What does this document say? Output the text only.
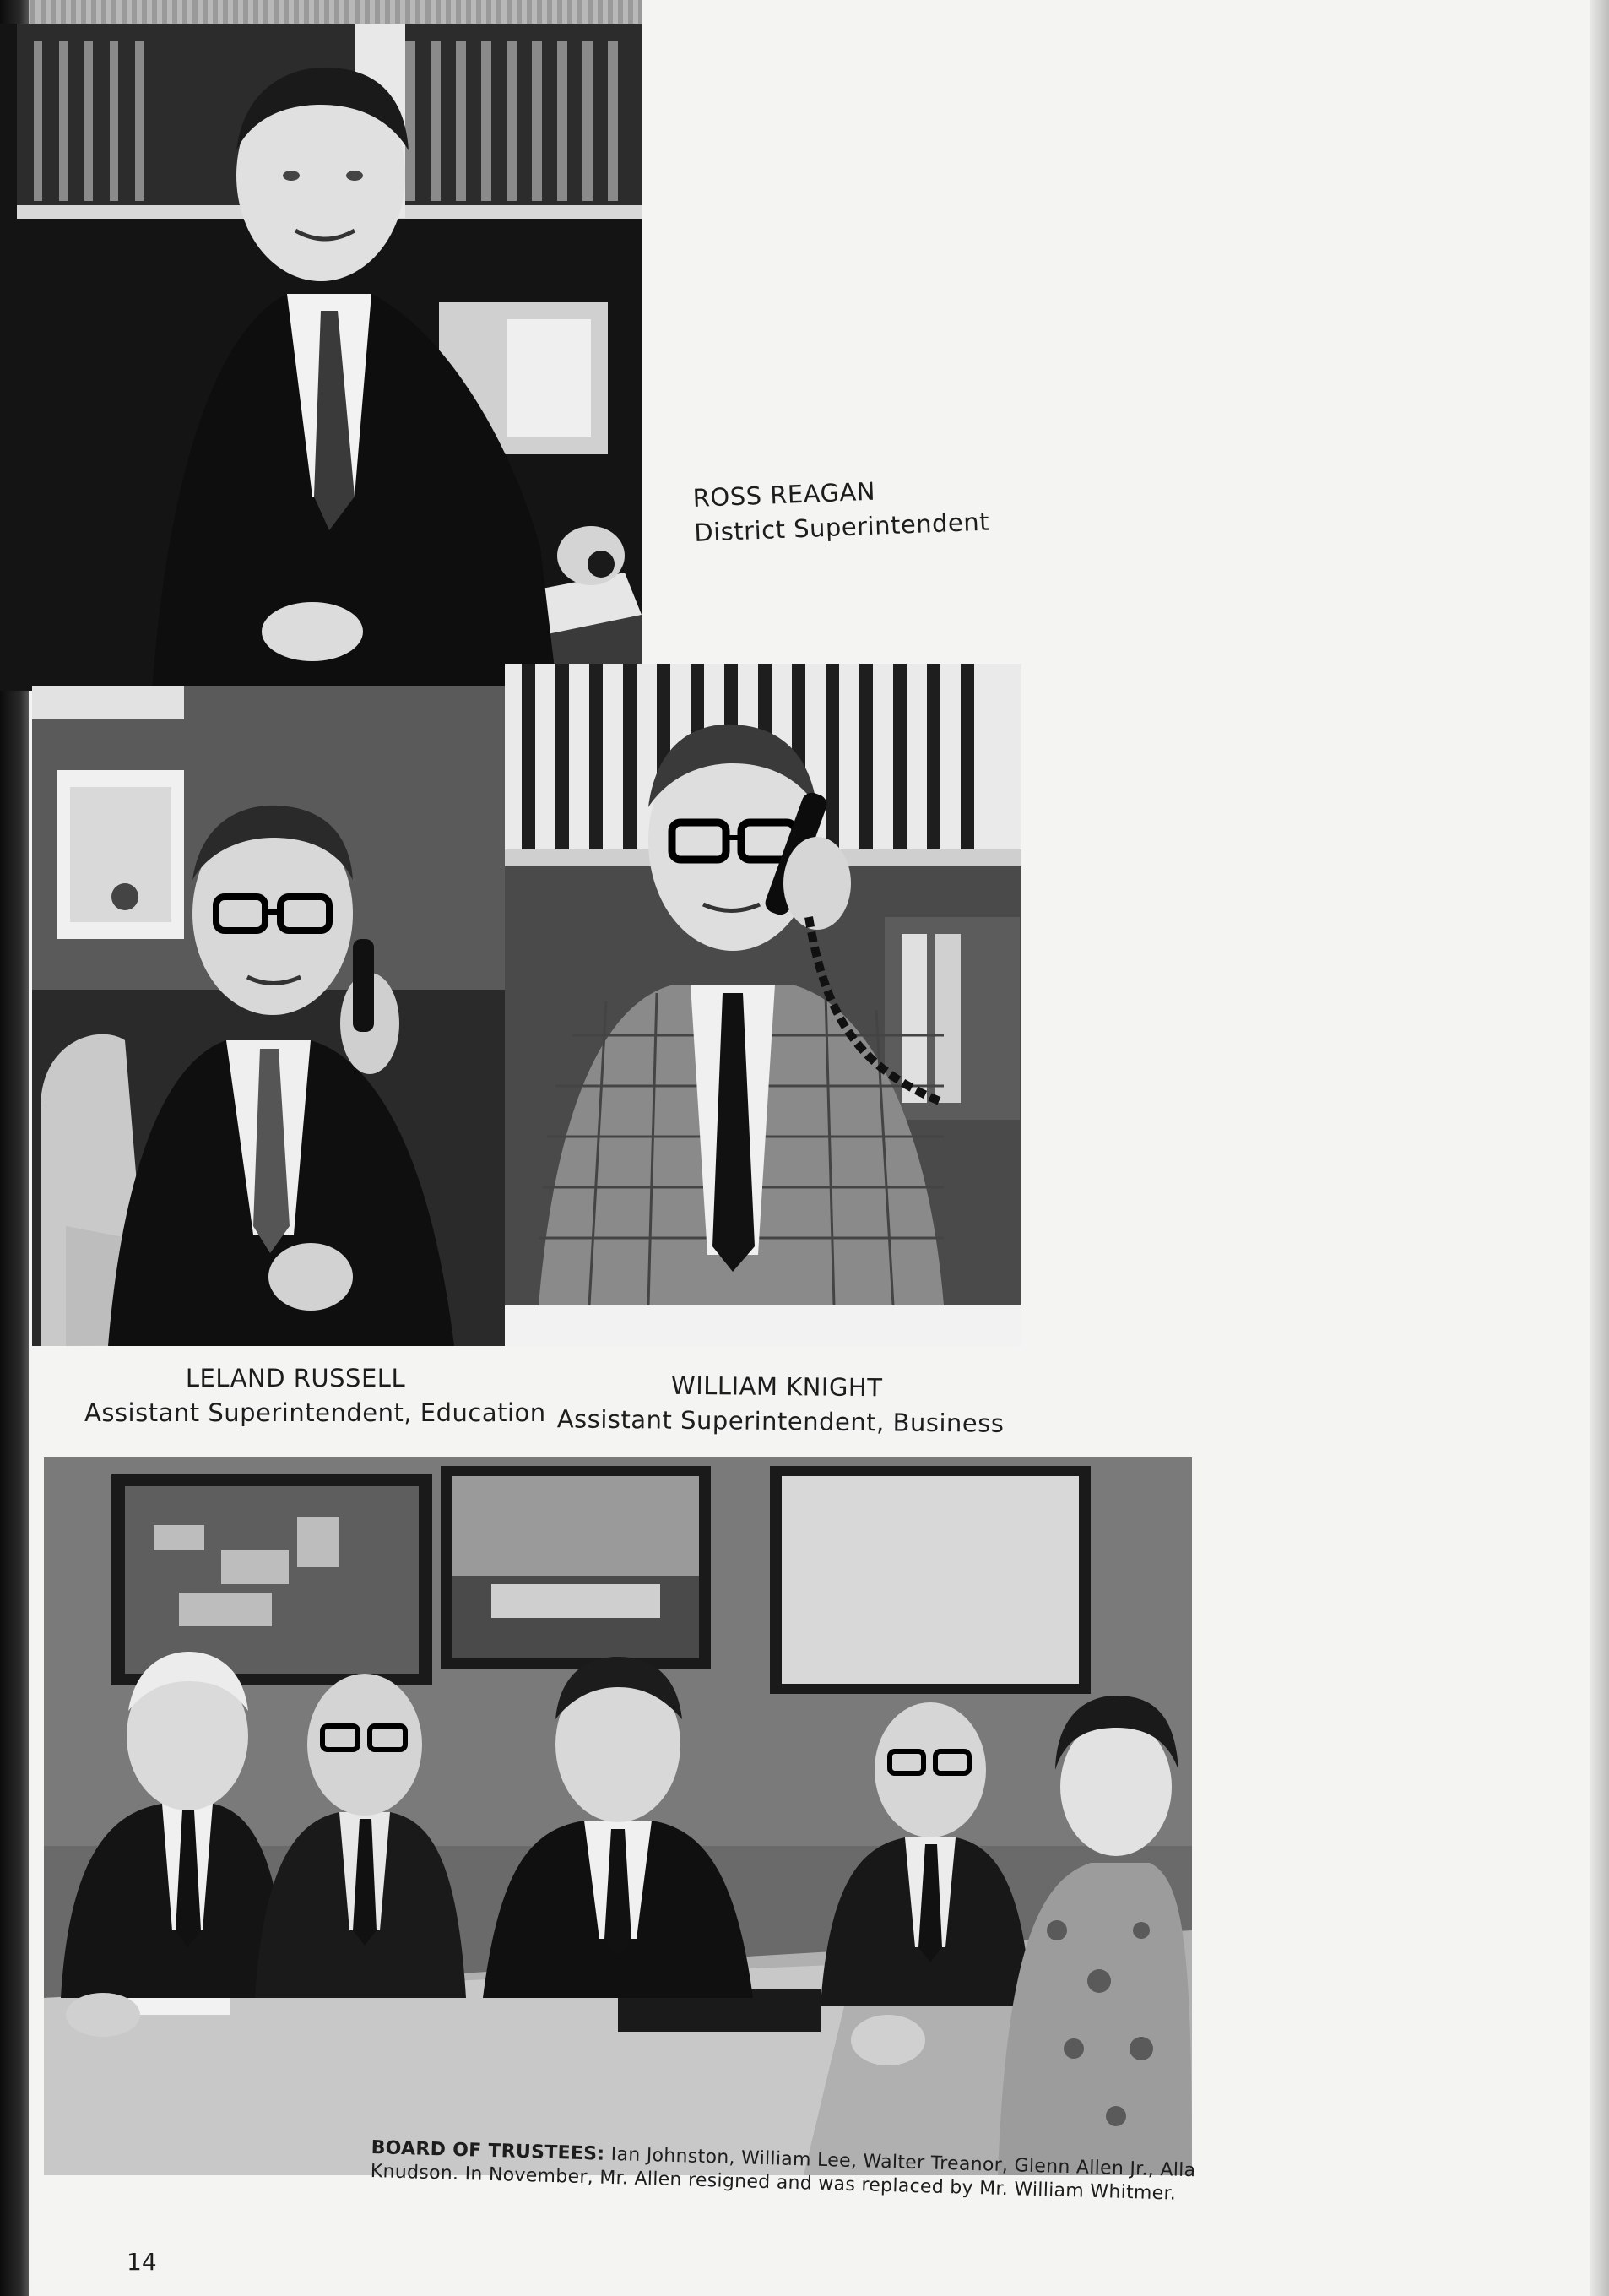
ROSS REAGAN
District Superintendent
LELAND RUSSELL
Assistant Superintendent, Education
WILLIAM KNIGHT
Assistant Superintendent, Business
BOARD OF TRUSTEES: Ian Johnston, William Lee, Walter Treanor, Glenn Allen Jr., Alla Knudson. In November, Mr. Allen resigned and was replaced by Mr. William Whitmer.
14
